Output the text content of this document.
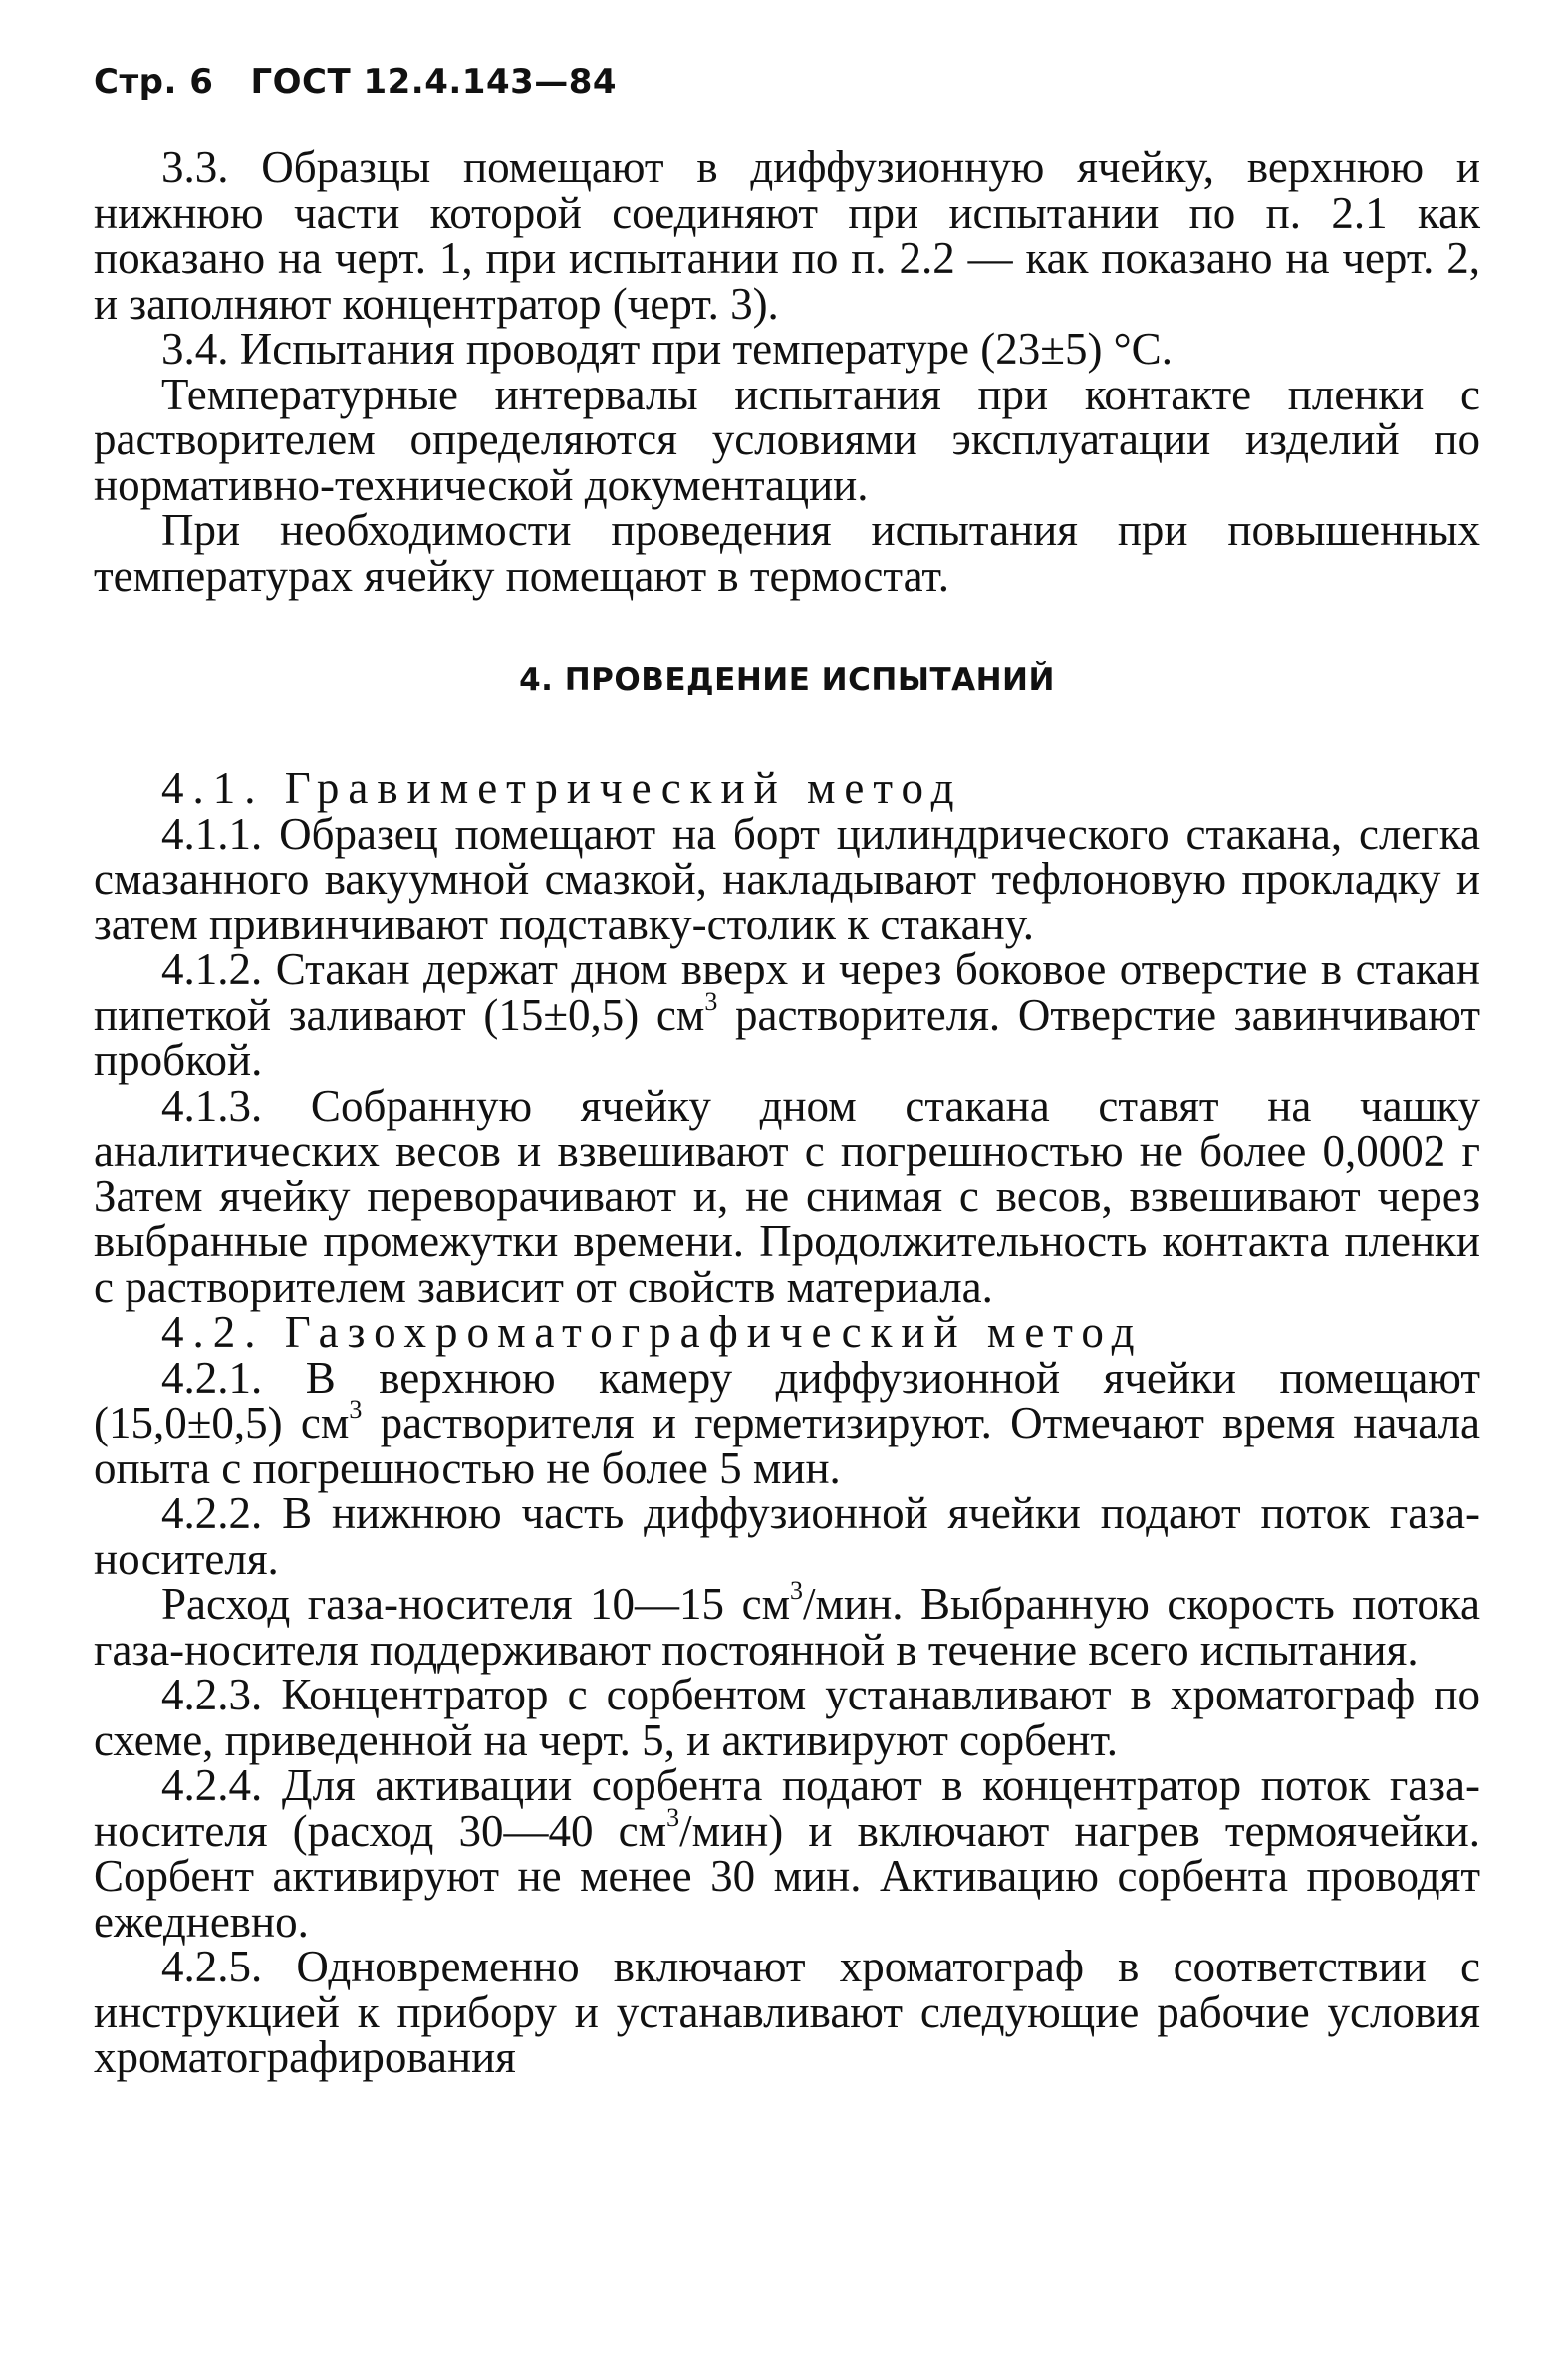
Стр. 6 ГОСТ 12.4.143—84

3.3. Образцы помещают в диффузионную ячейку, верхнюю и нижнюю части которой соединяют при испытании по п. 2.1 как показано на черт. 1, при испытании по п. 2.2 — как показано на черт. 2, и заполняют концентратор (черт. 3).

3.4. Испытания проводят при температуре (23±5) °С.

Температурные интервалы испытания при контакте пленки с растворителем определяются условиями эксплуатации изделий по нормативно-технической документации.

При необходимости проведения испытания при повышенных температурах ячейку помещают в термостат.

4. ПРОВЕДЕНИЕ ИСПЫТАНИЙ

4.1. Гравиметрический метод

4.1.1. Образец помещают на борт цилиндрического стакана, слегка смазанного вакуумной смазкой, накладывают тефлоновую прокладку и затем привинчивают подставку-столик к стакану.

4.1.2. Стакан держат дном вверх и через боковое отверстие в стакан пипеткой заливают (15±0,5) $см^3$ растворителя. Отверстие завинчивают пробкой.

4.1.3. Собранную ячейку дном стакана ставят на чашку аналитических весов и взвешивают с погрешностью не более 0,0002 г Затем ячейку переворачивают и, не снимая с весов, взвешивают через выбранные промежутки времени. Продолжительность контакта пленки с растворителем зависит от свойств материала.

4.2. Газохроматографический метод

4.2.1. В верхнюю камеру диффузионной ячейки помещают (15,0±0,5) $см^3$ растворителя и герметизируют. Отмечают время начала опыта с погрешностью не более 5 мин.

4.2.2. В нижнюю часть диффузионной ячейки подают поток газа-носителя.

Расход газа-носителя 10—15 $см^3$/мин. Выбранную скорость потока газа-носителя поддерживают постоянной в течение всего испытания.

4.2.3. Концентратор с сорбентом устанавливают в хроматограф по схеме, приведенной на черт. 5, и активируют сорбент.

4.2.4. Для активации сорбента подают в концентратор поток газа-носителя (расход 30—40 $см^3/мин$) и включают нагрев термоячейки. Сорбент активируют не менее 30 мин. Активацию сорбента проводят ежедневно.

4.2.5. Одновременно включают хроматограф в соответствии с инструкцией к прибору и устанавливают следующие рабочие условия хроматографирования
